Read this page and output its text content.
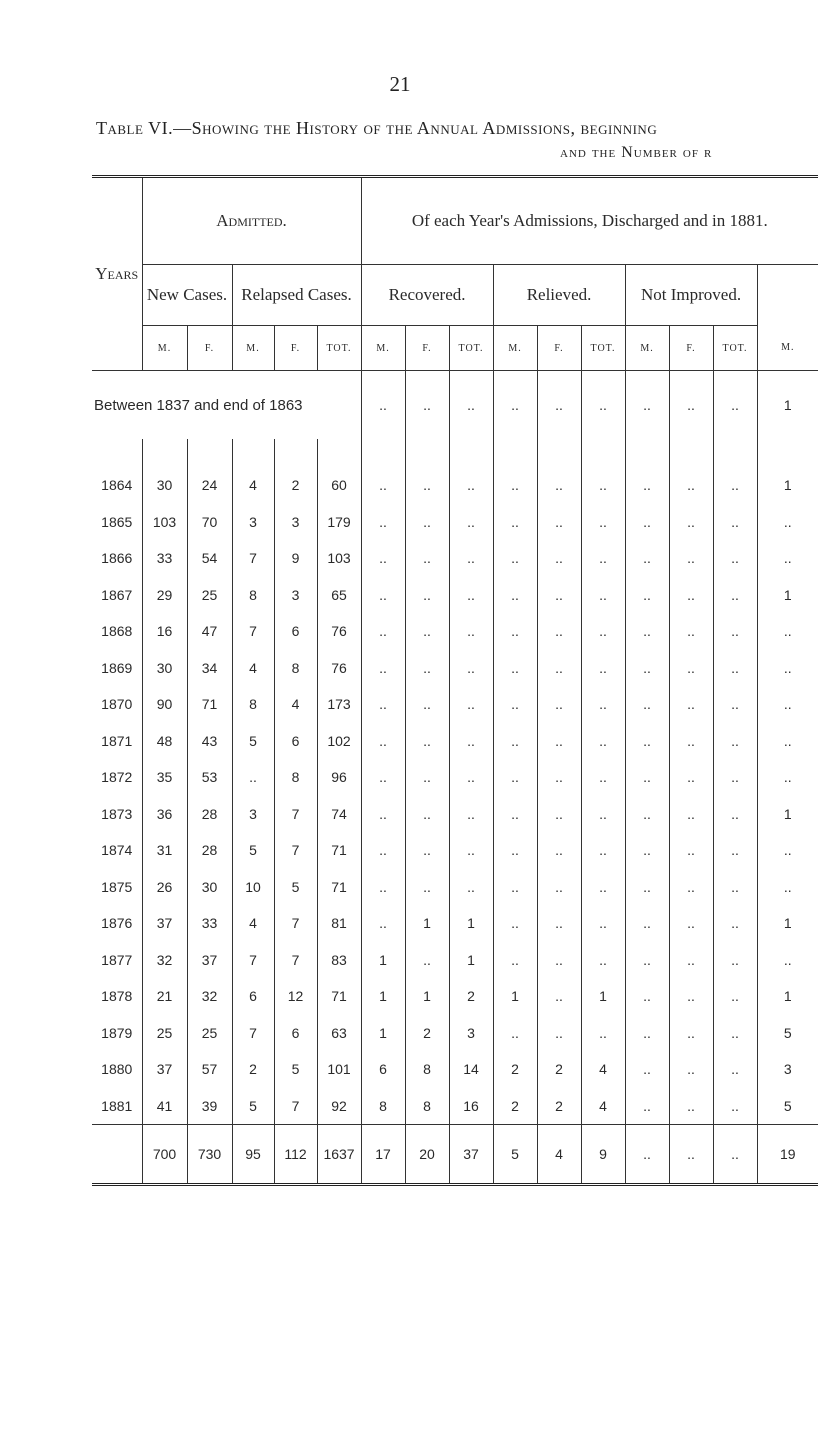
21
Table VI.—Showing the History of the Annual Admissions, beginning
and the Number of r
Years	Admitted.					Of each Year's Admissions, Discharged and in 1881.									
	New Cases.		Relapsed Cases.			Recovered.			Relieved.			Not Improved.			
	M.	F.	M.	F.	TOT.	M.	F.	TOT.	M.	F.	TOT.	M.	F.	TOT.	M.
Between 1837 and end of 1863						..	..	..	..	..	..	..	..	..	1

1864	30	24	4	2	60	..	..	..	..	..	..	..	..	..	1
1865	103	70	3	3	179	..	..	..	..	..	..	..	..	..	..
1866	33	54	7	9	103	..	..	..	..	..	..	..	..	..	..
1867	29	25	8	3	65	..	..	..	..	..	..	..	..	..	1
1868	16	47	7	6	76	..	..	..	..	..	..	..	..	..	..
1869	30	34	4	8	76	..	..	..	..	..	..	..	..	..	..
1870	90	71	8	4	173	..	..	..	..	..	..	..	..	..	..
1871	48	43	5	6	102	..	..	..	..	..	..	..	..	..	..
1872	35	53	..	8	96	..	..	..	..	..	..	..	..	..	..
1873	36	28	3	7	74	..	..	..	..	..	..	..	..	..	1
1874	31	28	5	7	71	..	..	..	..	..	..	..	..	..	..
1875	26	30	10	5	71	..	..	..	..	..	..	..	..	..	..
1876	37	33	4	7	81	..	1	1	..	..	..	..	..	..	1
1877	32	37	7	7	83	1	..	1	..	..	..	..	..	..	..
1878	21	32	6	12	71	1	1	2	1	..	1	..	..	..	1
1879	25	25	7	6	63	1	2	3	..	..	..	..	..	..	5
1880	37	57	2	5	101	6	8	14	2	2	4	..	..	..	3
1881	41	39	5	7	92	8	8	16	2	2	4	..	..	..	5
	700	730	95	112	1637	17	20	37	5	4	9	..	..	..	19
